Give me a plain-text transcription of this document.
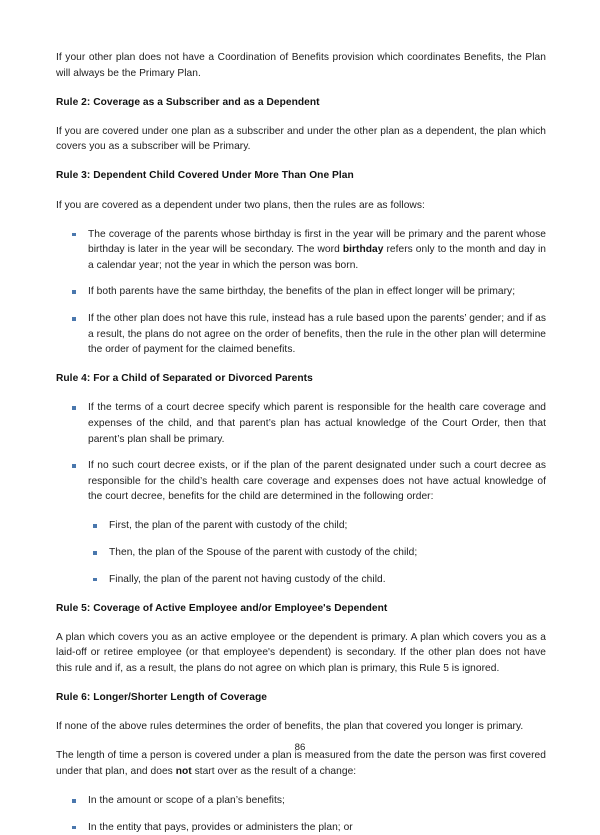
If your other plan does not have a Coordination of Benefits provision which coordinates Benefits, the Plan will always be the Primary Plan.

Rule 2: Coverage as a Subscriber and as a Dependent

If you are covered under one plan as a subscriber and under the other plan as a dependent, the plan which covers you as a subscriber will be Primary.

Rule 3: Dependent Child Covered Under More Than One Plan

If you are covered as a dependent under two plans, then the rules are as follows:

The coverage of the parents whose birthday is first in the year will be primary and the parent whose birthday is later in the year will be secondary. The word birthday refers only to the month and day in a calendar year; not the year in which the person was born.
If both parents have the same birthday, the benefits of the plan in effect longer will be primary;
If the other plan does not have this rule, instead has a rule based upon the parents’ gender; and if as a result, the plans do not agree on the order of benefits, then the rule in the other plan will determine the order of payment for the claimed benefits.
Rule 4: For a Child of Separated or Divorced Parents
If the terms of a court decree specify which parent is responsible for the health care coverage and expenses of the child, and that parent’s plan has actual knowledge of the Court Order, then that parent’s plan shall be primary.
If no such court decree exists, or if the plan of the parent designated under such a court decree as responsible for the child’s health care coverage and expenses does not have actual knowledge of the court decree, benefits for the child are determined in the following order:
First, the plan of the parent with custody of the child;
Then, the plan of the Spouse of the parent with custody of the child;
Finally, the plan of the parent not having custody of the child.
Rule 5: Coverage of Active Employee and/or Employee's Dependent

A plan which covers you as an active employee or the dependent is primary. A plan which covers you as a laid-off or retiree employee (or that employee's dependent) is secondary. If the other plan does not have this rule and if, as a result, the plans do not agree on which plan is primary, this Rule 5 is ignored.

Rule 6: Longer/Shorter Length of Coverage

If none of the above rules determines the order of benefits, the plan that covered you longer is primary.

The length of time a person is covered under a plan is measured from the date the person was first covered under that plan, and does not start over as the result of a change:

In the amount or scope of a plan’s benefits;
In the entity that pays, provides or administers the plan; or
86
